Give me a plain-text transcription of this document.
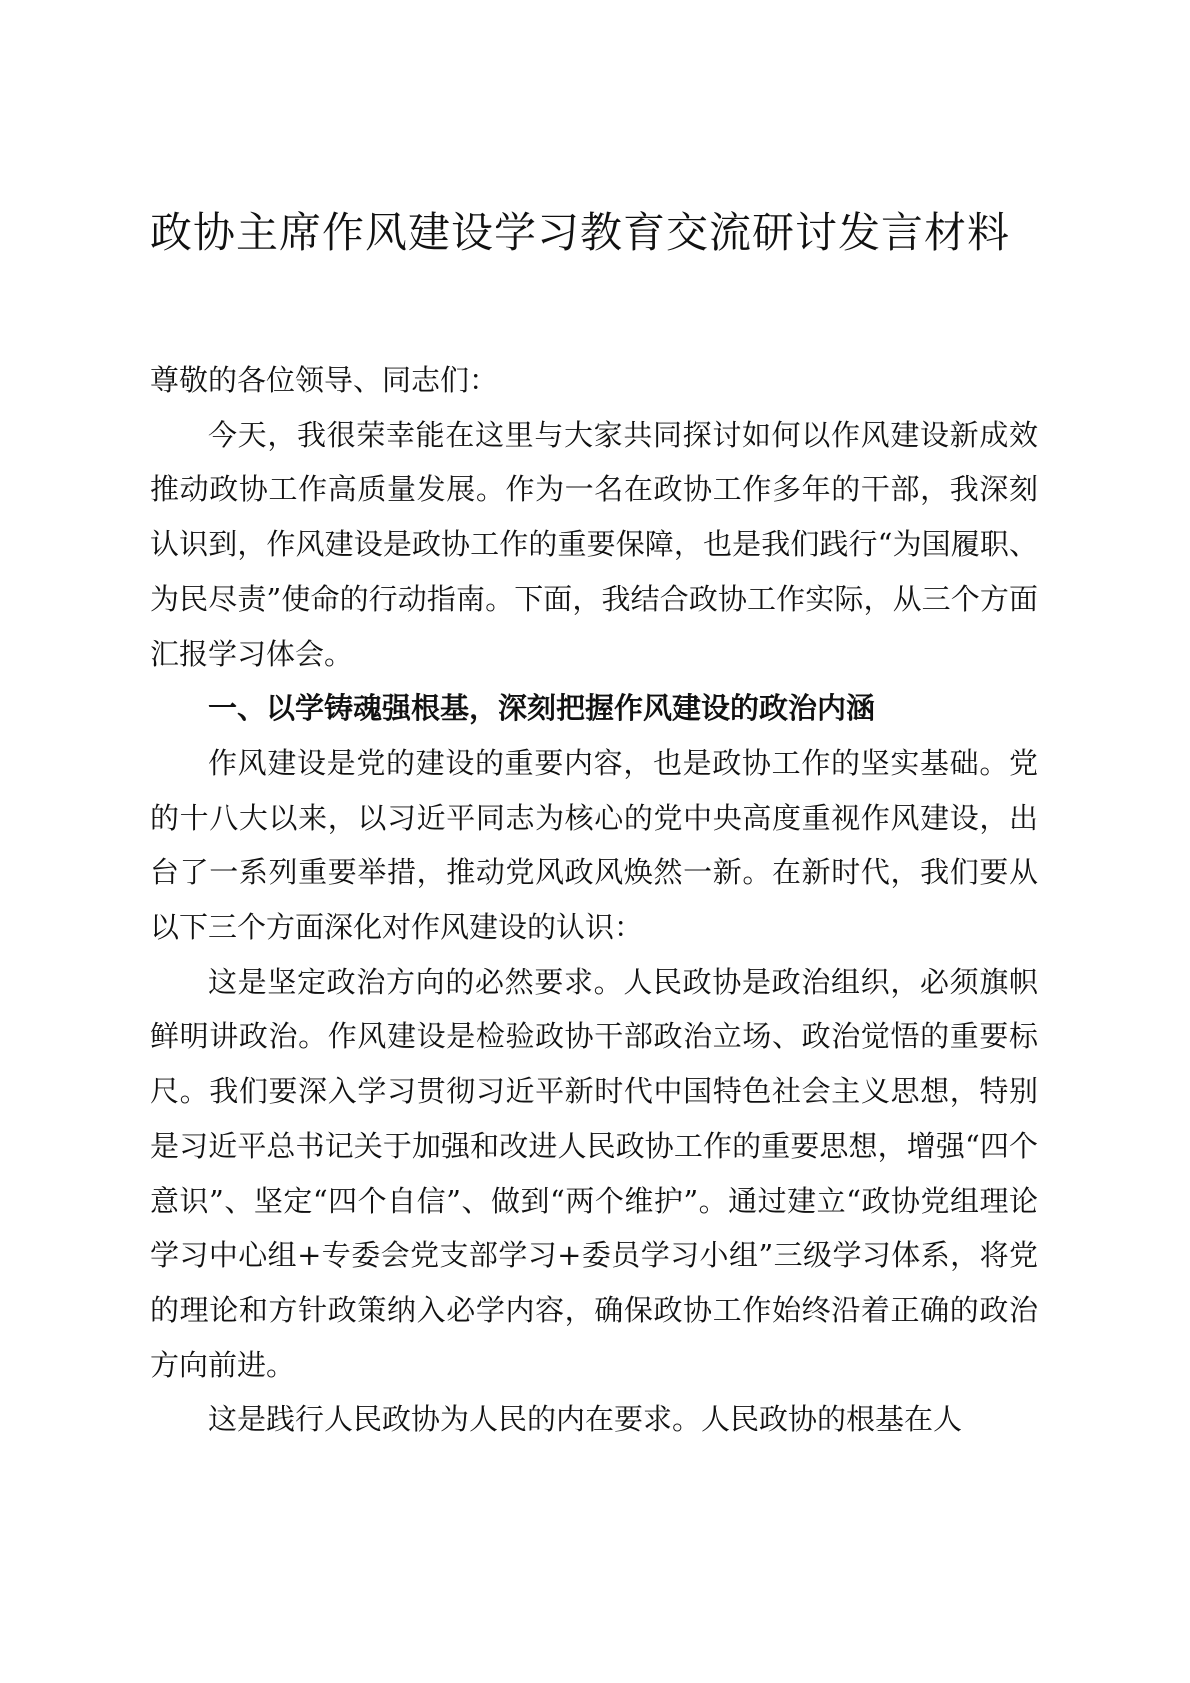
政协主席作风建设学习教育交流研讨发言材料

尊敬的各位领导、同志们：

今天，我很荣幸能在这里与大家共同探讨如何以作风建设新成效推动政协工作高质量发展。作为一名在政协工作多年的干部，我深刻认识到，作风建设是政协工作的重要保障，也是我们践行“为国履职、为民尽责”使命的行动指南。下面，我结合政协工作实际，从三个方面汇报学习体会。

一、以学铸魂强根基，深刻把握作风建设的政治内涵

作风建设是党的建设的重要内容，也是政协工作的坚实基础。党的十八大以来，以习近平同志为核心的党中央高度重视作风建设，出台了一系列重要举措，推动党风政风焕然一新。在新时代，我们要从以下三个方面深化对作风建设的认识：

这是坚定政治方向的必然要求。人民政协是政治组织，必须旗帜鲜明讲政治。作风建设是检验政协干部政治立场、政治觉悟的重要标尺。我们要深入学习贯彻习近平新时代中国特色社会主义思想，特别是习近平总书记关于加强和改进人民政协工作的重要思想，增强“四个意识”、坚定“四个自信”、做到“两个维护”。通过建立“政协党组理论学习中心组+专委会党支部学习+委员学习小组”三级学习体系，将党的理论和方针政策纳入必学内容，确保政协工作始终沿着正确的政治方向前进。

这是践行人民政协为人民的内在要求。人民政协的根基在人
